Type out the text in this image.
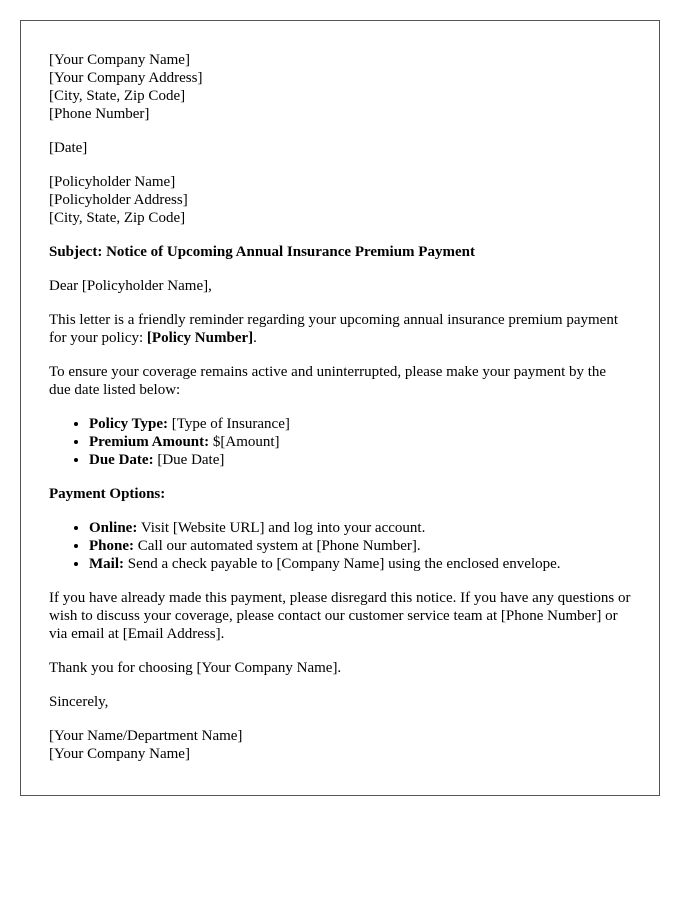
[Your Company Name]
[Your Company Address]
[City, State, Zip Code]
[Phone Number]
[Date]
[Policyholder Name]
[Policyholder Address]
[City, State, Zip Code]

Subject: Notice of Upcoming Annual Insurance Premium Payment

Dear [Policyholder Name],

This letter is a friendly reminder regarding your upcoming annual insurance premium payment for your policy: [Policy Number].

To ensure your coverage remains active and uninterrupted, please make your payment by the due date listed below:

• Policy Type: [Type of Insurance]
• Premium Amount: $[Amount]
• Due Date: [Due Date]

Payment Options:

• Online: Visit [Website URL] and log into your account.
• Phone: Call our automated system at [Phone Number].
• Mail: Send a check payable to [Company Name] using the enclosed envelope.

If you have already made this payment, please disregard this notice. If you have any questions or wish to discuss your coverage, please contact our customer service team at [Phone Number] or via email at [Email Address].

Thank you for choosing [Your Company Name].

Sincerely,

[Your Name/Department Name]
[Your Company Name]
